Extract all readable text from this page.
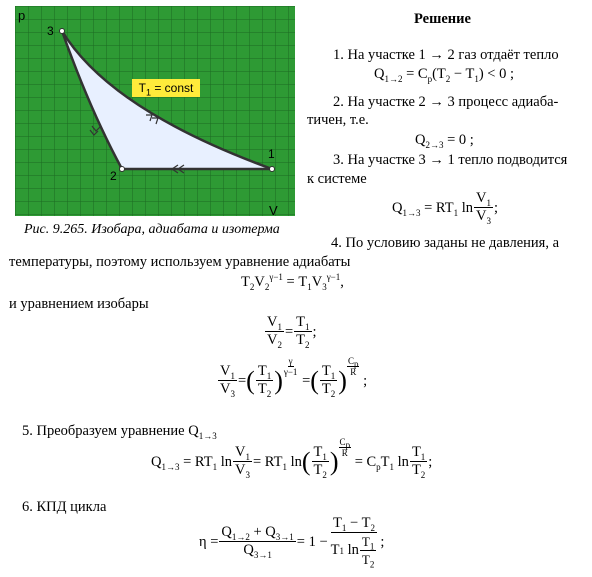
p
V
3
2
1
$T_1$ = const
Рис. 9.265. Изобара, адиабата и изотерма
Решение
1. На участке 1 → 2 газ отдаёт тепло
$Q_{1\to 2} = C_p(T_2 - T_1) < 0$ ;
2. На участке 2 → 3 процесс адиаба-
тичен, т.е.
$Q_{2\to 3} = 0$ ;
3. На участке 3 → 1 тепло подводится
к системе
$Q_{1\to 3} = RT_1$ $\ln \frac{V_1}{V_3}$ ;
4. По условию заданы не давления, а
температуры, поэтому используем уравнение адиабаты
$T_2V_2^{\gamma-1} = T_1V_3^{\gamma-1}$,
и уравнением изобары
$\frac{V_1}{V_2} = \frac{T_1}{T_2}$ ;
$\frac{V_1}{V_3}$ = ( $\frac{T_1}{T_2}$ ) $\frac{\gamma}{\gamma-1}$
= ( $\frac{T_1}{T_2}$ )
$C_p$
R
;
5. Преобразуем уравнение $Q_{1\to 3}$
$Q_{1\to 3} = RT_1$ $\ln \frac{V_1}{V_3} = RT_1$ ln ( $\frac{T_1}{T_2}$ ) $\frac{C_p}{R}$
= $C_pT_1$ $\ln \frac{T_1}{T_2}$ ;
6. КПД цикла
$\eta = \frac{Q_{1\to 2} + Q_{3\to 1}}{Q_{3\to 1}} = 1 - \frac{T_1 - T_2}{T 1 \ln \frac{T_1}{T_2}}$ ;
